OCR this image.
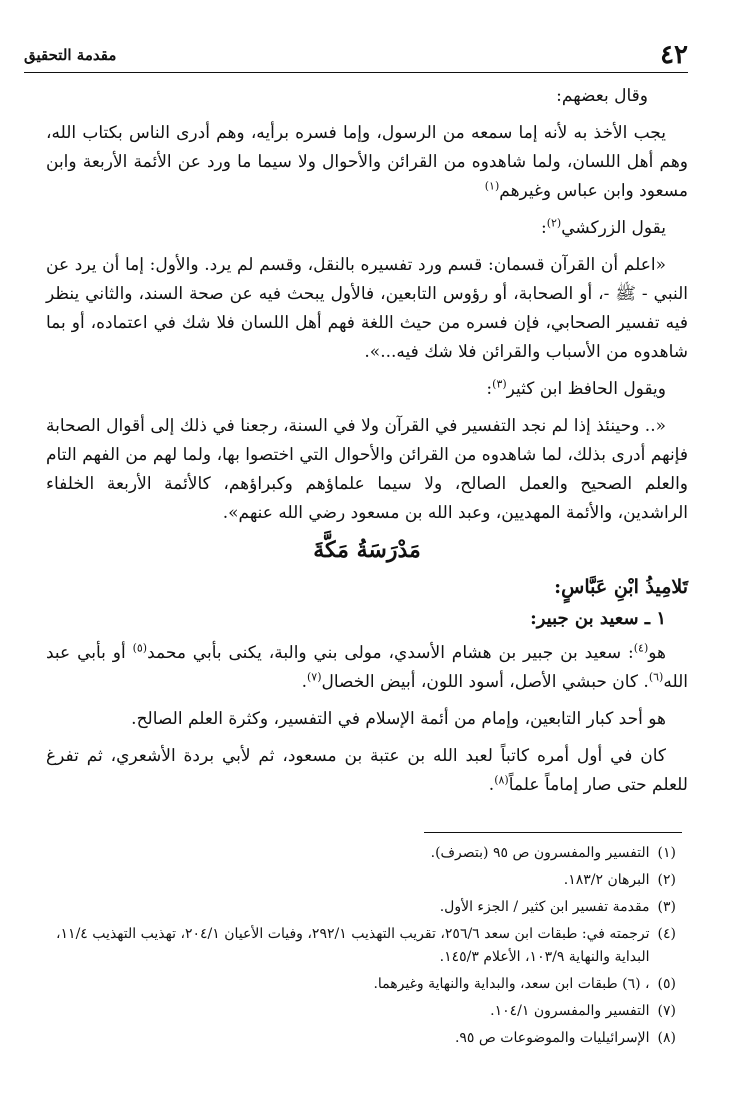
٤٢
مقدمة التحقيق

وقال بعضهم:

يجب الأخذ به لأنه إما سمعه من الرسول، وإما فسره برأيه، وهم أدرى الناس بكتاب الله، وهم أهل اللسان، ولما شاهدوه من القرائن والأحوال ولا سيما ما ورد عن الأئمة الأربعة وابن مسعود وابن عباس وغيرهم$^{(١)}$

يقول الزركشي$^{(٢)}$:

«اعلم أن القرآن قسمان: قسم ورد تفسيره بالنقل، وقسم لم يرد. والأول: إما أن يرد عن النبي - ﷺ -، أو الصحابة، أو رؤوس التابعين، فالأول يبحث فيه عن صحة السند، والثاني ينظر فيه تفسير الصحابي، فإن فسره من حيث اللغة فهم أهل اللسان فلا شك في اعتماده، أو بما شاهدوه من الأسباب والقرائن فلا شك فيه...».

ويقول الحافظ ابن كثير$^{(٣)}$:

«.. وحينئذ إذا لم نجد التفسير في القرآن ولا في السنة، رجعنا في ذلك إلى أقوال الصحابة فإنهم أدرى بذلك، لما شاهدوه من القرائن والأحوال التي اختصوا بها، ولما لهم من الفهم التام والعلم الصحيح والعمل الصالح، ولا سيما علماؤهم وكبراؤهم، كالأئمة الأربعة الخلفاء الراشدين، والأئمة المهديين، وعبد الله بن مسعود رضي الله عنهم».

مَدْرَسَةُ مَكَّةَ
تَلامِيذُ ابْنِ عَبَّاسٍ:
١ ـ سعيد بن جبير:

هو$^{(٤)}$: سعيد بن جبير بن هشام الأسدي، مولى بني والبة، يكنى بأبي محمد$^{(٥)}$ أو بأبي عبد الله$^{(٦)}$. كان حبشي الأصل، أسود اللون، أبيض الخصال$^{(٧)}$.

هو أحد كبار التابعين، وإمام من أئمة الإسلام في التفسير، وكثرة العلم الصالح.

كان في أول أمره كاتباً لعبد الله بن عتبة بن مسعود، ثم لأبي بردة الأشعري، ثم تفرغ للعلم حتى صار إماماً علماً$^{(٨)}$.

(١)
التفسير والمفسرون ص ٩٥ (بتصرف).
(٢)
البرهان ١٨٣/٢.
(٣)
مقدمة تفسير ابن كثير / الجزء الأول.
(٤)
ترجمته في: طبقات ابن سعد ٢٥٦/٦، تقريب التهذيب ٢٩٢/١، وفيات الأعيان ٢٠٤/١، تهذيب التهذيب ١١/٤، البداية والنهاية ١٠٣/٩، الأعلام ١٤٥/٣.
(٥)
، (٦) طبقات ابن سعد، والبداية والنهاية وغيرهما.
(٧)
التفسير والمفسرون ١٠٤/١.
(٨)
الإسرائيليات والموضوعات ص ٩٥.
